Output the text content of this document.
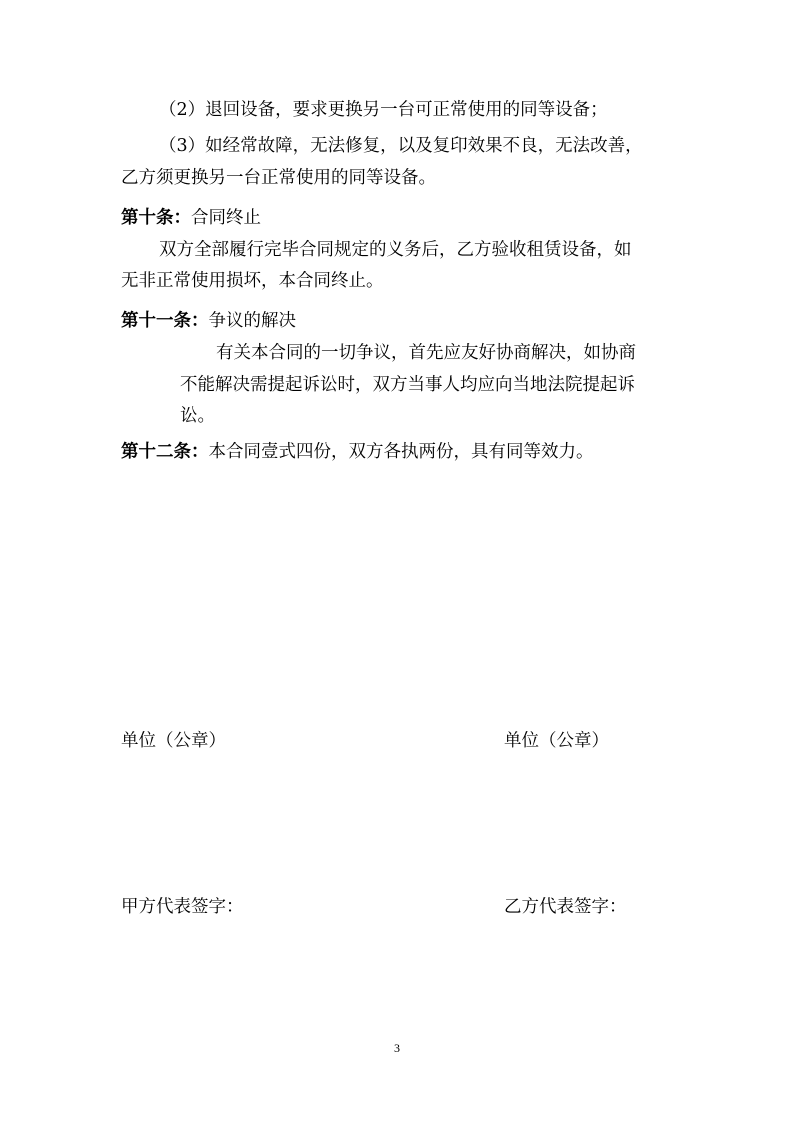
（2）退回设备，要求更换另一台可正常使用的同等设备；

（3）如经常故障，无法修复，以及复印效果不良，无法改善，

乙方须更换另一台正常使用的同等设备。

第十条：合同终止

双方全部履行完毕合同规定的义务后，乙方验收租赁设备，如

无非正常使用损坏，本合同终止。

第十一条：争议的解决

有关本合同的一切争议，首先应友好协商解决，如协商

不能解决需提起诉讼时，双方当事人均应向当地法院提起诉

讼。

第十二条：本合同壹式四份，双方各执两份，具有同等效力。

单位（公章）	单位（公章）

甲方代表签字：	乙方代表签字：

3
